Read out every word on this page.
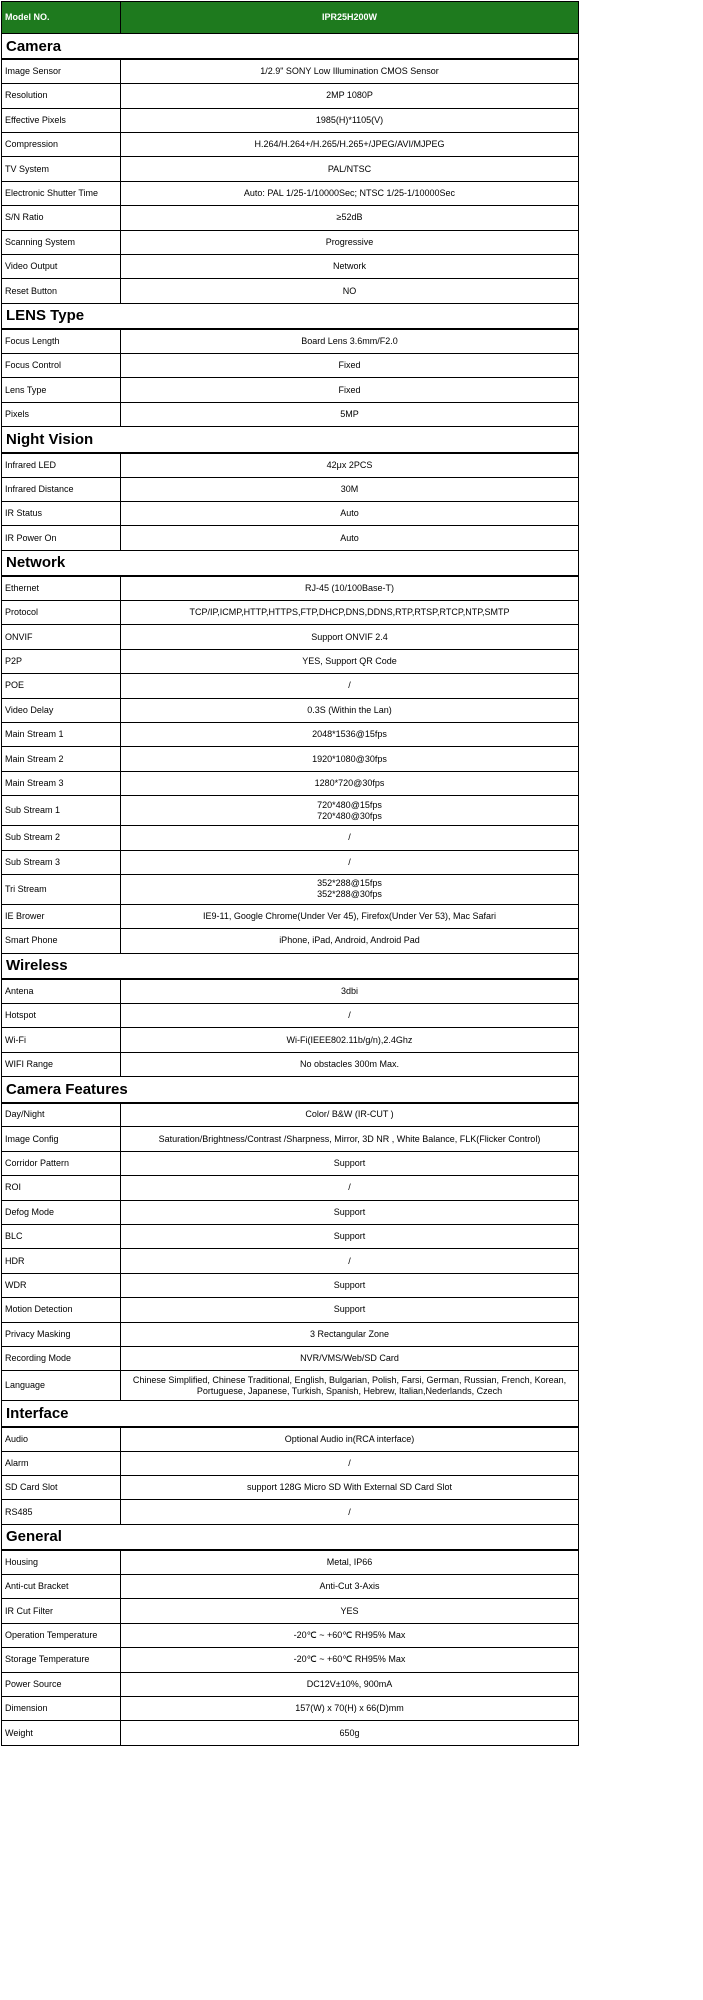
Model NO.	IPR25H200W
Camera	
Image Sensor	1/2.9" SONY Low Illumination CMOS Sensor

Resolution	2MP 1080P

Effective Pixels	1985(H)*1105(V)

Compression	H.264/H.264+/H.265/H.265+/JPEG/AVI/MJPEG

TV System	PAL/NTSC

Electronic Shutter Time	Auto: PAL 1/25-1/10000Sec; NTSC 1/25-1/10000Sec

S/N Ratio	≥52dB

Scanning System	Progressive

Video Output	Network

Reset Button	NO

LENS Type	
Focus Length	Board Lens 3.6mm/F2.0

Focus Control	Fixed

Lens Type	Fixed

Pixels	5MP

Night Vision	
Infrared LED	42μx 2PCS

Infrared Distance	30M

IR Status	Auto

IR Power On	Auto

Network	
Ethernet	RJ-45 (10/100Base-T)

Protocol	TCP/IP,ICMP,HTTP,HTTPS,FTP,DHCP,DNS,DDNS,RTP,RTSP,RTCP,NTP,SMTP

ONVIF	Support ONVIF 2.4

P2P	YES, Support QR Code

POE	/

Video Delay	0.3S (Within the Lan)

Main Stream 1	2048*1536@15fps

Main Stream 2	1920*1080@30fps

Main Stream 3	1280*720@30fps

Sub Stream 1	720*480@15fps
720*480@30fps

Sub Stream 2	/

Sub Stream 3	/

Tri Stream	352*288@15fps
352*288@30fps

IE Brower	IE9-11, Google Chrome(Under Ver 45), Firefox(Under Ver 53), Mac Safari

Smart Phone	iPhone, iPad, Android, Android Pad

Wireless	
Antena	3dbi

Hotspot	/

Wi-Fi	Wi-Fi(IEEE802.11b/g/n),2.4Ghz

WIFI Range	No obstacles 300m Max.

Camera Features	
Day/Night	Color/ B&W (IR-CUT )

Image Config	Saturation/Brightness/Contrast /Sharpness, Mirror, 3D NR , White Balance, FLK(Flicker Control)

Corridor Pattern	Support

ROI	/

Defog Mode	Support

BLC	Support

HDR	/

WDR	Support

Motion Detection	Support

Privacy Masking	3 Rectangular Zone

Recording Mode	NVR/VMS/Web/SD Card

Language	Chinese Simplified, Chinese Traditional, English, Bulgarian, Polish, Farsi, German, Russian, French, Korean,
Portuguese, Japanese, Turkish, Spanish, Hebrew, Italian,Nederlands, Czech

Interface	
Audio	Optional Audio in(RCA interface)

Alarm	/

SD Card Slot	support 128G Micro SD With External SD Card Slot

RS485	/

General	
Housing	Metal, IP66

Anti-cut Bracket	Anti-Cut 3-Axis

IR Cut Filter	YES

Operation Temperature	-20℃ ~ +60℃ RH95% Max

Storage Temperature	-20℃ ~ +60℃ RH95% Max

Power Source	DC12V±10%, 900mA

Dimension	157(W) x 70(H) x 66(D)mm

Weight	650g
